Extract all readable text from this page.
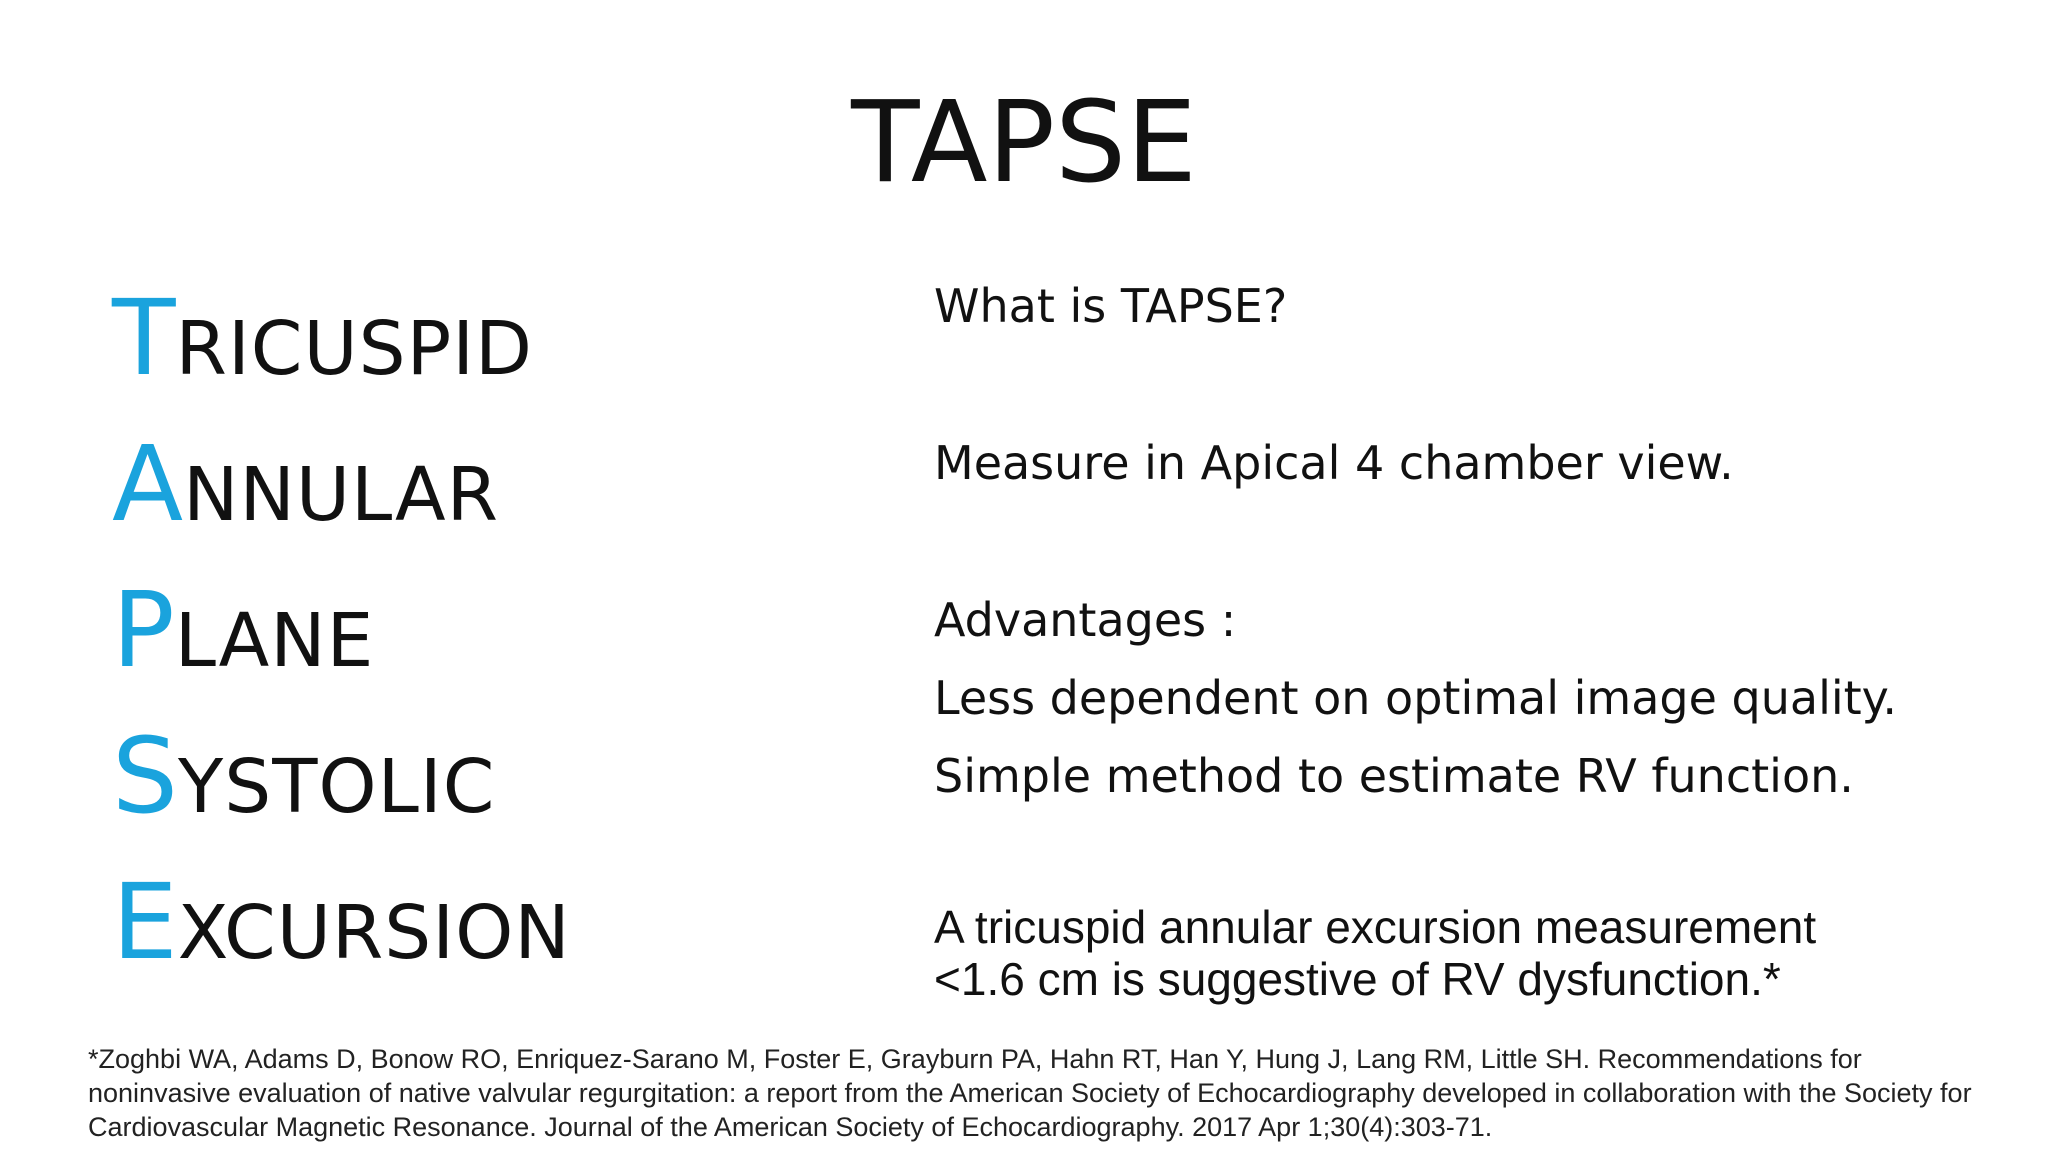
TAPSE
TRICUSPID
ANNULAR
PLANE
SYSTOLIC
EXCURSION
What is TAPSE?
Measure in Apical 4 chamber view.
Advantages :
Less dependent on optimal image quality.
Simple method to estimate RV function.
A tricuspid annular excursion measurement
<1.6 cm is suggestive of RV dysfunction.*
*Zoghbi WA, Adams D, Bonow RO, Enriquez-Sarano M, Foster E, Grayburn PA, Hahn RT, Han Y, Hung J, Lang RM, Little SH. Recommendations for noninvasive evaluation of native valvular regurgitation: a report from the American Society of Echocardiography developed in collaboration with the Society for Cardiovascular Magnetic Resonance. Journal of the American Society of Echocardiography. 2017 Apr 1;30(4):303-71.
